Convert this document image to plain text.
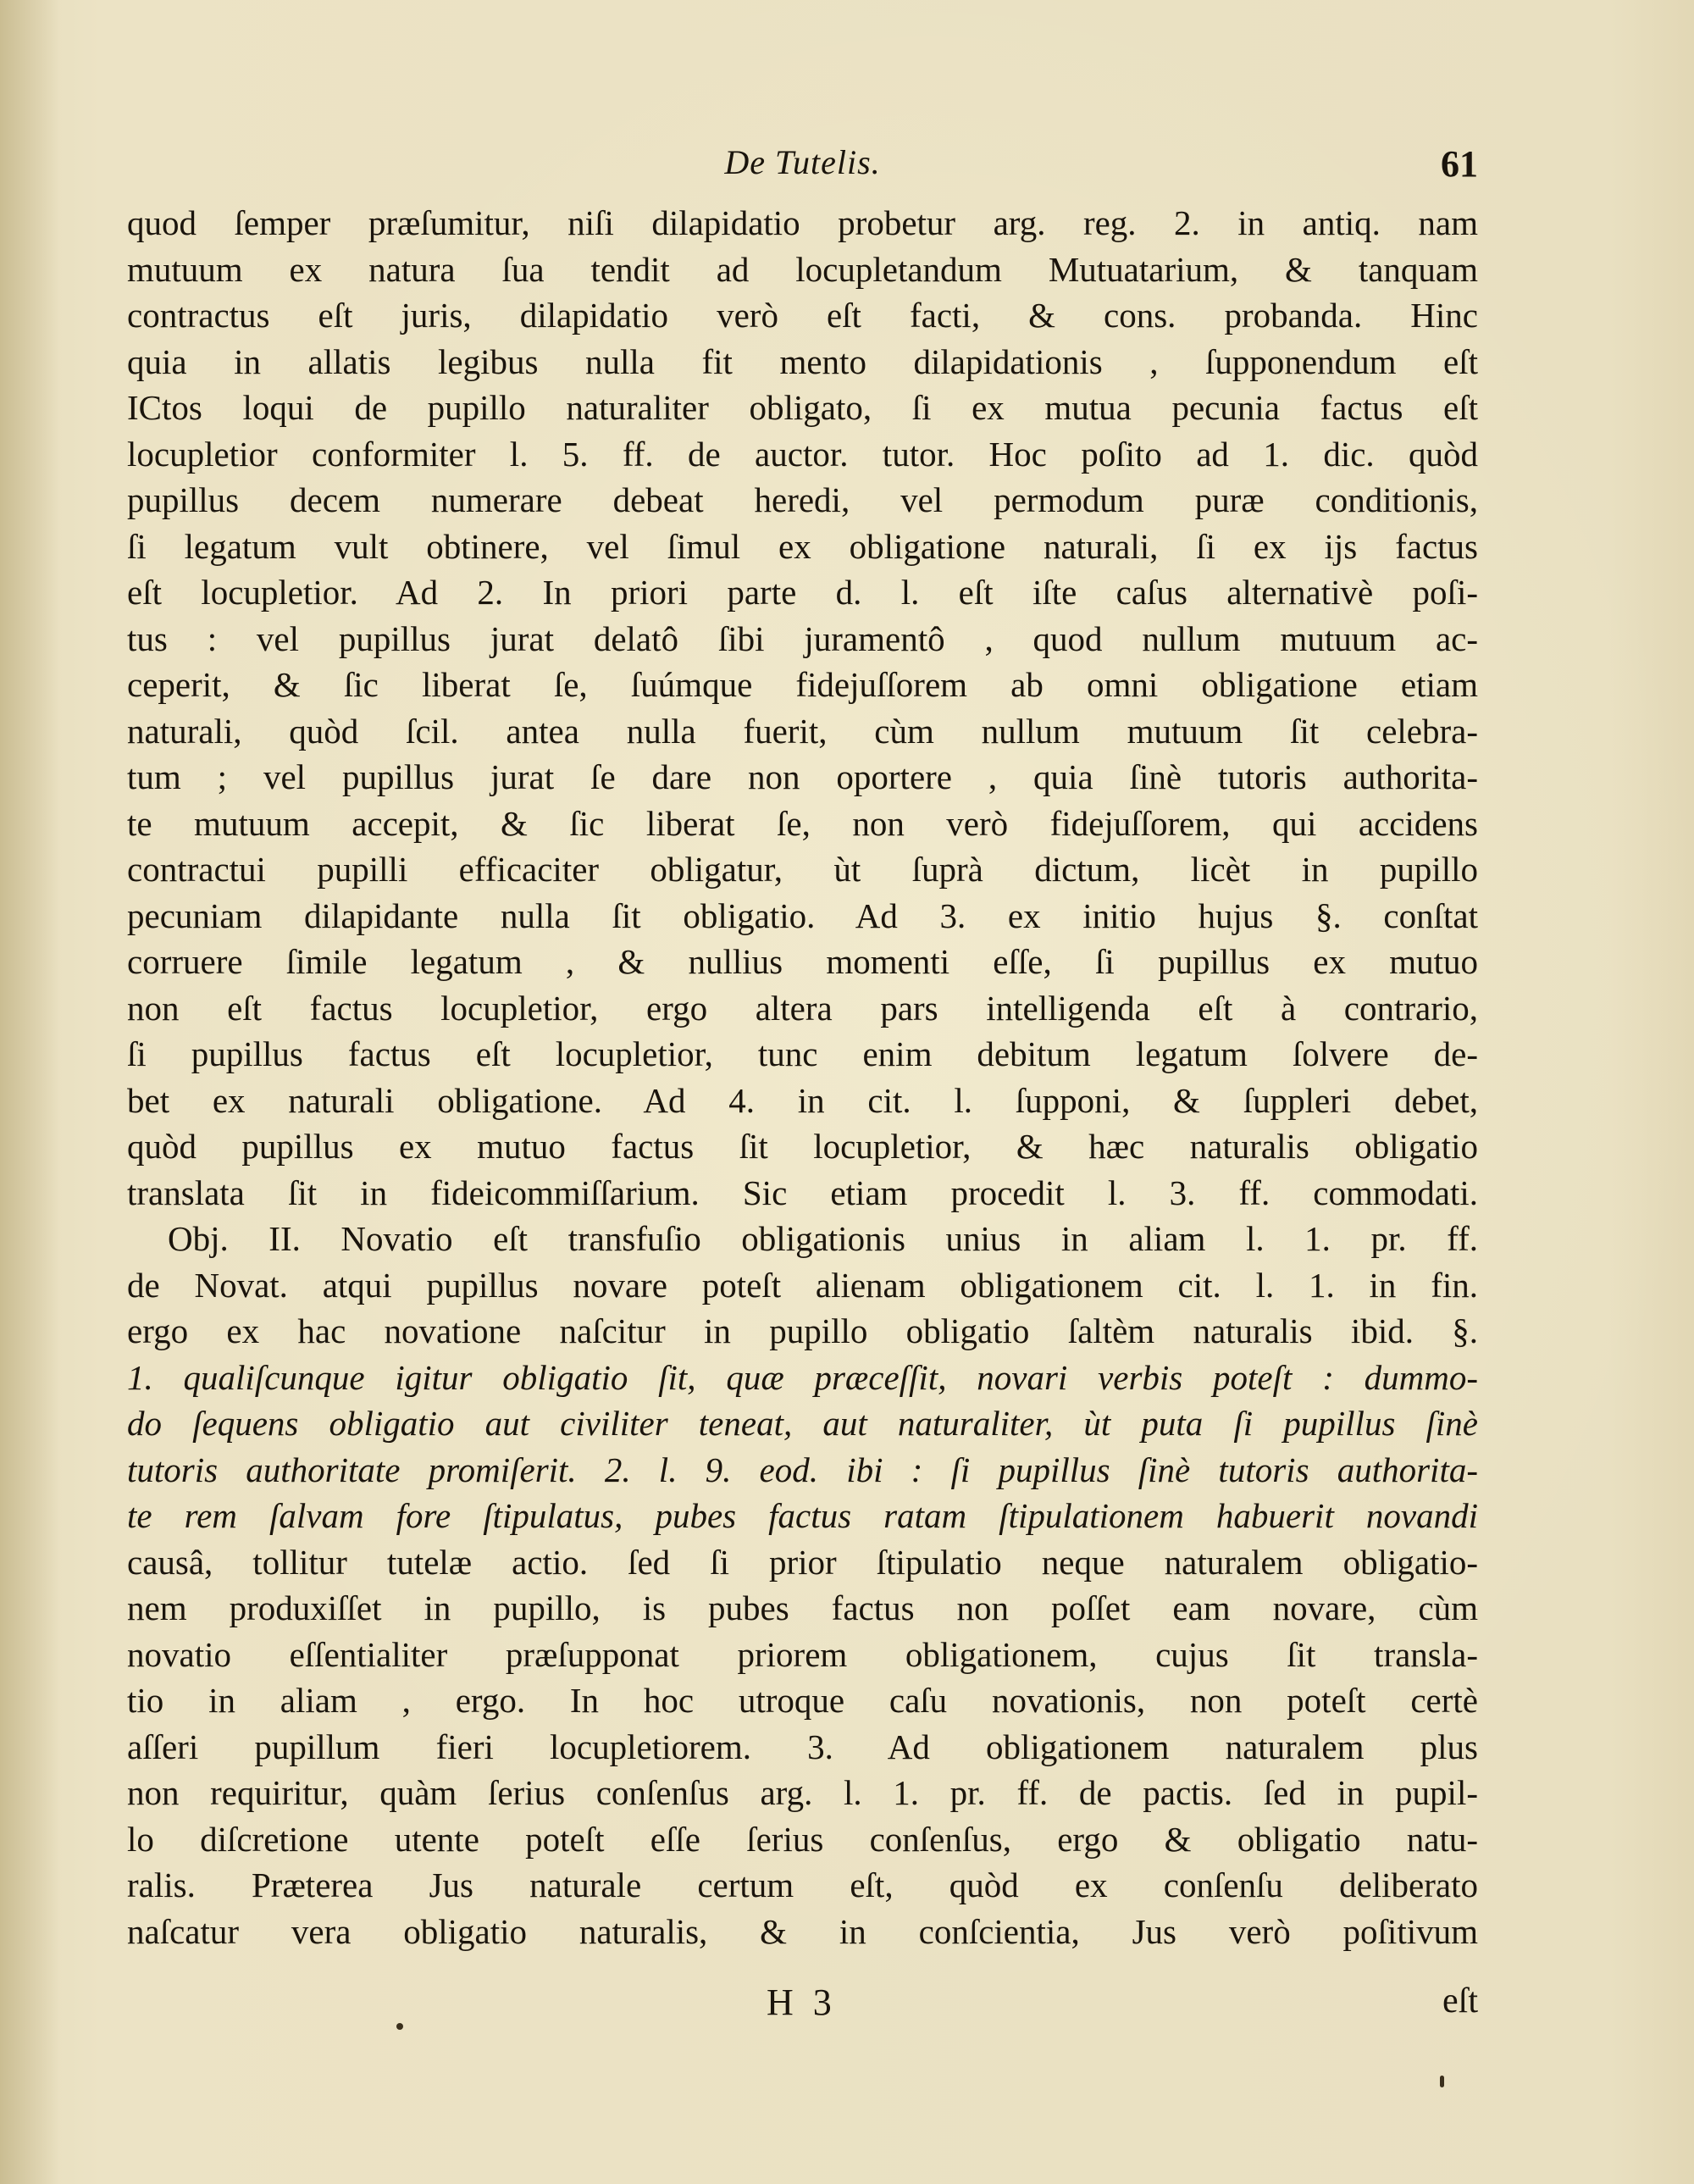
De Tutelis.	61
quod ſemper præſumitur, niſi dilapidatio probetur arg. reg. 2. in antiq. nam
mutuum ex natura ſua tendit ad locupletandum Mutuatarium, & tanquam
contractus eſt juris, dilapidatio verò eſt facti, & cons. probanda. Hinc
quia in allatis legibus nulla fit mento dilapidationis , ſupponendum eſt
ICtos loqui de pupillo naturaliter obligato, ſi ex mutua pecunia factus eſt
locupletior conformiter l. 5. ff. de auctor. tutor. Hoc poſito ad 1. dic. quòd
pupillus decem numerare debeat heredi, vel permodum puræ conditionis,
ſi legatum vult obtinere, vel ſimul ex obligatione naturali, ſi ex ijs factus
eſt locupletior. Ad 2. In priori parte d. l. eſt iſte caſus alternativè poſi-
tus : vel pupillus jurat delatô ſibi juramentô , quod nullum mutuum ac-
ceperit, & ſic liberat ſe, ſuúmque fidejuſſorem ab omni obligatione etiam
naturali, quòd ſcil. antea nulla fuerit, cùm nullum mutuum ſit celebra-
tum ; vel pupillus jurat ſe dare non oportere , quia ſinè tutoris authorita-
te mutuum accepit, & ſic liberat ſe, non verò fidejuſſorem, qui accidens
contractui pupilli efficaciter obligatur, ùt ſuprà dictum, licèt in pupillo
pecuniam dilapidante nulla ſit obligatio. Ad 3. ex initio hujus §. conſtat
corruere ſimile legatum , & nullius momenti eſſe, ſi pupillus ex mutuo
non eſt factus locupletior, ergo altera pars intelligenda eſt à contrario,
ſi pupillus factus eſt locupletior, tunc enim debitum legatum ſolvere de-
bet ex naturali obligatione. Ad 4. in cit. l. ſupponi, & ſuppleri debet,
quòd pupillus ex mutuo factus ſit locupletior, & hæc naturalis obligatio
translata ſit in fideicommiſſarium. Sic etiam procedit l. 3. ff. commodati.
Obj. II. Novatio eſt transfuſio obligationis unius in aliam l. 1. pr. ff.
de Novat. atqui pupillus novare poteſt alienam obligationem cit. l. 1. in fin.
ergo ex hac novatione naſcitur in pupillo obligatio ſaltèm naturalis ibid. §.
1. qualiſcunque igitur obligatio ſit, quæ præceſſit, novari verbis poteſt : dummo-
do ſequens obligatio aut civiliter teneat, aut naturaliter, ùt puta ſi pupillus ſinè
tutoris authoritate promiſerit. 2. l. 9. eod. ibi : ſi pupillus ſinè tutoris authorita-
te rem ſalvam fore ſtipulatus, pubes factus ratam ſtipulationem habuerit novandi
causâ, tollitur tutelæ actio. ſed ſi prior ſtipulatio neque naturalem obligatio-
nem produxiſſet in pupillo, is pubes factus non poſſet eam novare, cùm
novatio eſſentialiter præſupponat priorem obligationem, cujus ſit transla-
tio in aliam , ergo. In hoc utroque caſu novationis, non poteſt certè
aſſeri pupillum fieri locupletiorem. 3. Ad obligationem naturalem plus
non requiritur, quàm ſerius conſenſus arg. l. 1. pr. ff. de pactis. ſed in pupil-
lo diſcretione utente poteſt eſſe ſerius conſenſus, ergo & obligatio natu-
ralis. Præterea Jus naturale certum eſt, quòd ex conſenſu deliberato
naſcatur vera obligatio naturalis, & in conſcientia, Jus verò poſitivum
H 3	eſt
